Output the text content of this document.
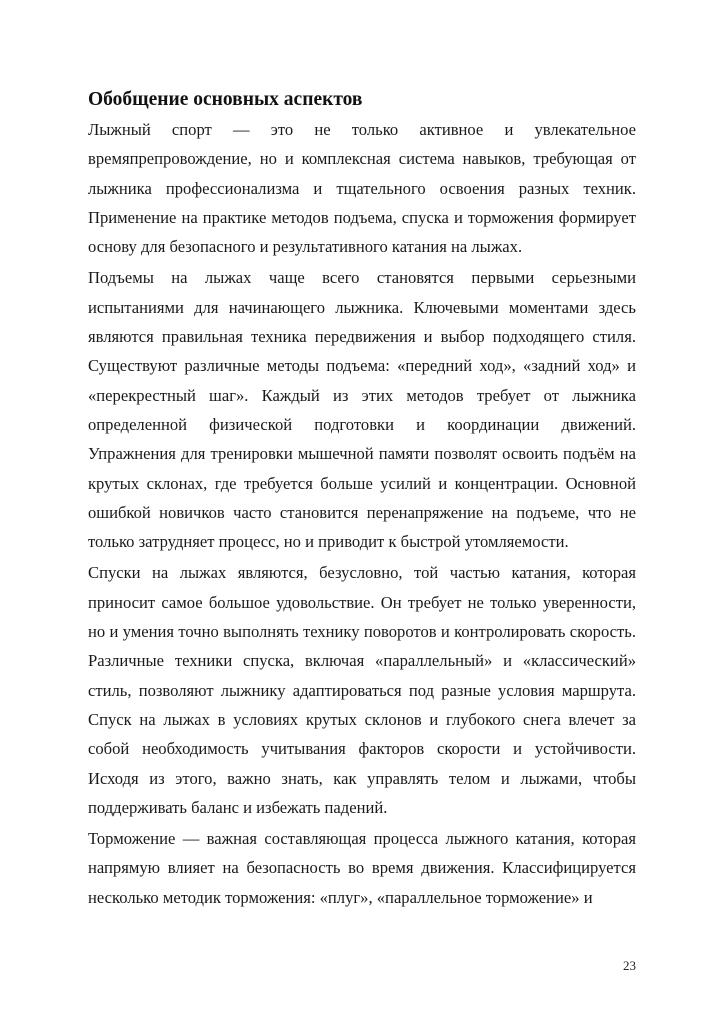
Обобщение основных аспектов

Лыжный спорт — это не только активное и увлекательное времяпрепровождение, но и комплексная система навыков, требующая от лыжника профессионализма и тщательного освоения разных техник. Применение на практике методов подъема, спуска и торможения формирует основу для безопасного и результативного катания на лыжах.

Подъемы на лыжах чаще всего становятся первыми серьезными испытаниями для начинающего лыжника. Ключевыми моментами здесь являются правильная техника передвижения и выбор подходящего стиля. Существуют различные методы подъема: «передний ход», «задний ход» и «перекрестный шаг». Каждый из этих методов требует от лыжника определенной физической подготовки и координации движений. Упражнения для тренировки мышечной памяти позволят освоить подъём на крутых склонах, где требуется больше усилий и концентрации. Основной ошибкой новичков часто становится перенапряжение на подъеме, что не только затрудняет процесс, но и приводит к быстрой утомляемости.

Спуски на лыжах являются, безусловно, той частью катания, которая приносит самое большое удовольствие. Он требует не только уверенности, но и умения точно выполнять технику поворотов и контролировать скорость. Различные техники спуска, включая «параллельный» и «классический» стиль, позволяют лыжнику адаптироваться под разные условия маршрута. Спуск на лыжах в условиях крутых склонов и глубокого снега влечет за собой необходимость учитывания факторов скорости и устойчивости. Исходя из этого, важно знать, как управлять телом и лыжами, чтобы поддерживать баланс и избежать падений.

Торможение — важная составляющая процесса лыжного катания, которая напрямую влияет на безопасность во время движения. Классифицируется несколько методик торможения: «плуг», «параллельное торможение» и

23
